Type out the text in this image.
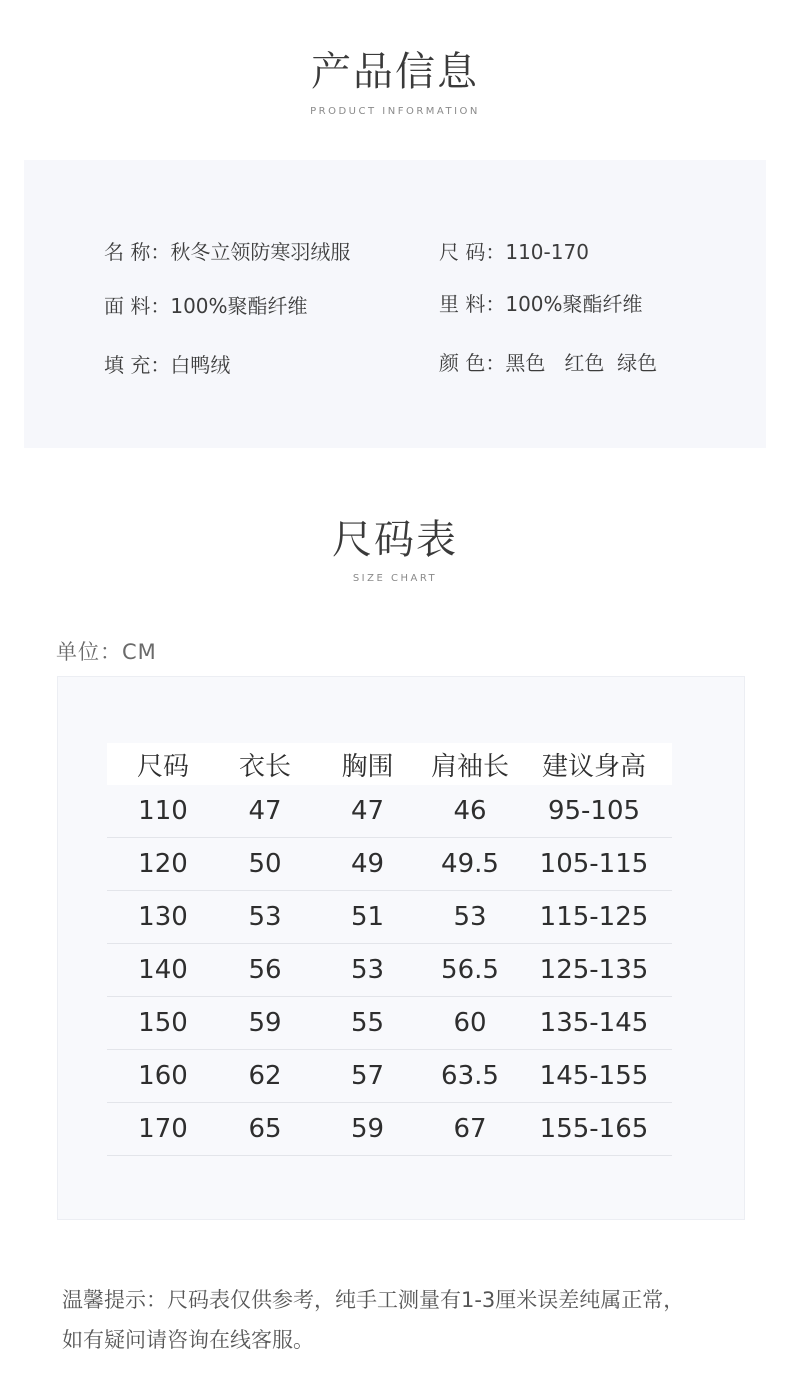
产品信息
PRODUCT INFORMATION
名 称：秋冬立领防寒羽绒服	尺 码：110-170
面 料：100%聚酯纤维	里 料：100%聚酯纤维
填 充：白鸭绒	颜 色：黑色   红色  绿色
尺码表
SIZE CHART
单位：CM
尺码	衣长	胸围	肩袖长	建议身高
110	47	47	46	95-105
120	50	49	49.5	105-115
130	53	51	53	115-125
140	56	53	56.5	125-135
150	59	55	60	135-145
160	62	57	63.5	145-155
170	65	59	67	155-165
温馨提示：尺码表仅供参考，纯手工测量有1-3厘米误差纯属正常，
如有疑问请咨询在线客服。
